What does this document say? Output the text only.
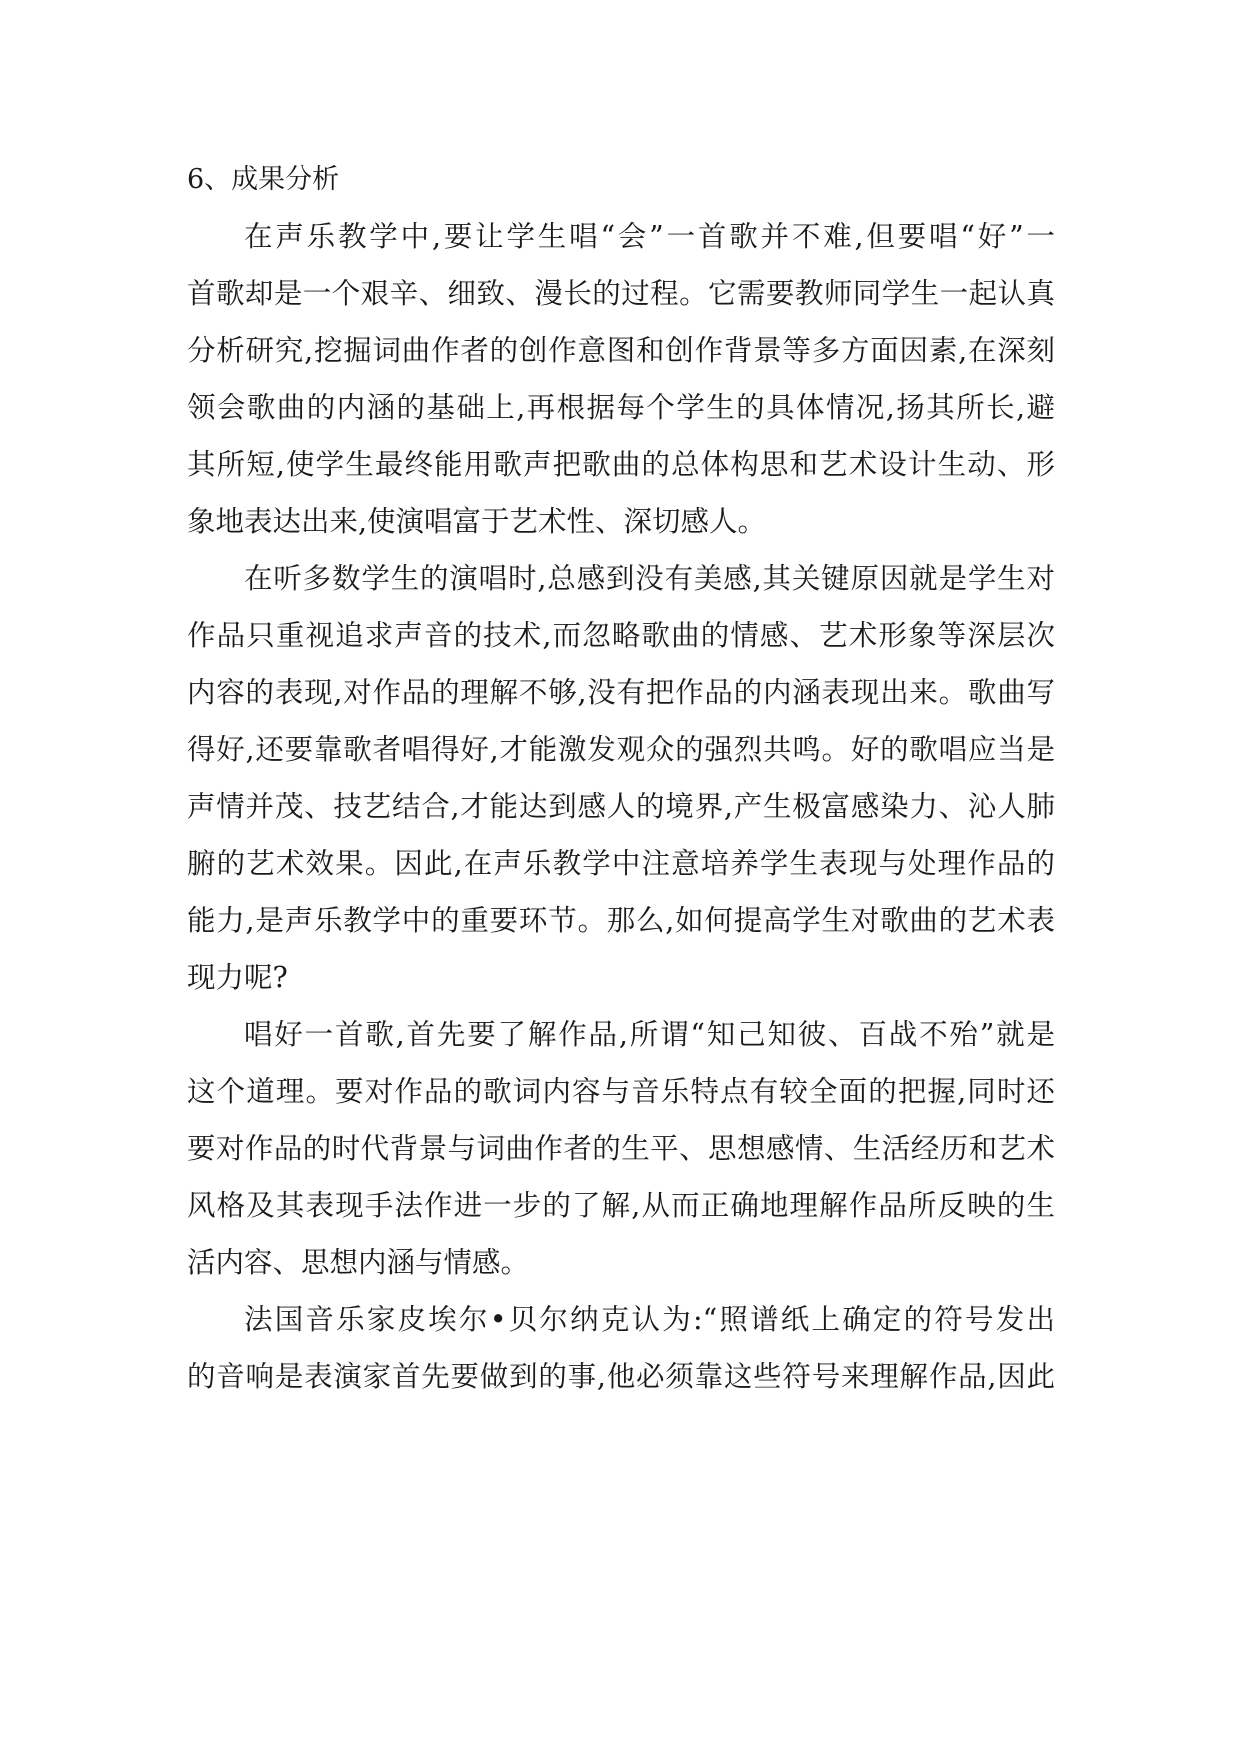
6、成果分析

在声乐教学中,要让学生唱“会”一首歌并不难,但要唱“好”一

首歌却是一个艰辛、细致、漫长的过程。它需要教师同学生一起认真

分析研究,挖掘词曲作者的创作意图和创作背景等多方面因素,在深刻

领会歌曲的内涵的基础上,再根据每个学生的具体情况,扬其所长,避

其所短,使学生最终能用歌声把歌曲的总体构思和艺术设计生动、形

象地表达出来,使演唱富于艺术性、深切感人。

在听多数学生的演唱时,总感到没有美感,其关键原因就是学生对

作品只重视追求声音的技术,而忽略歌曲的情感、艺术形象等深层次

内容的表现,对作品的理解不够,没有把作品的内涵表现出来。歌曲写

得好,还要靠歌者唱得好,才能激发观众的强烈共鸣。好的歌唱应当是

声情并茂、技艺结合,才能达到感人的境界,产生极富感染力、沁人肺

腑的艺术效果。因此,在声乐教学中注意培养学生表现与处理作品的

能力,是声乐教学中的重要环节。那么,如何提高学生对歌曲的艺术表

现力呢?

唱好一首歌,首先要了解作品,所谓“知己知彼、百战不殆”就是

这个道理。要对作品的歌词内容与音乐特点有较全面的把握,同时还

要对作品的时代背景与词曲作者的生平、思想感情、生活经历和艺术

风格及其表现手法作进一步的了解,从而正确地理解作品所反映的生

活内容、思想内涵与情感。

法国音乐家皮埃尔•贝尔纳克认为:“照谱纸上确定的符号发出

的音响是表演家首先要做到的事,他必须靠这些符号来理解作品,因此
